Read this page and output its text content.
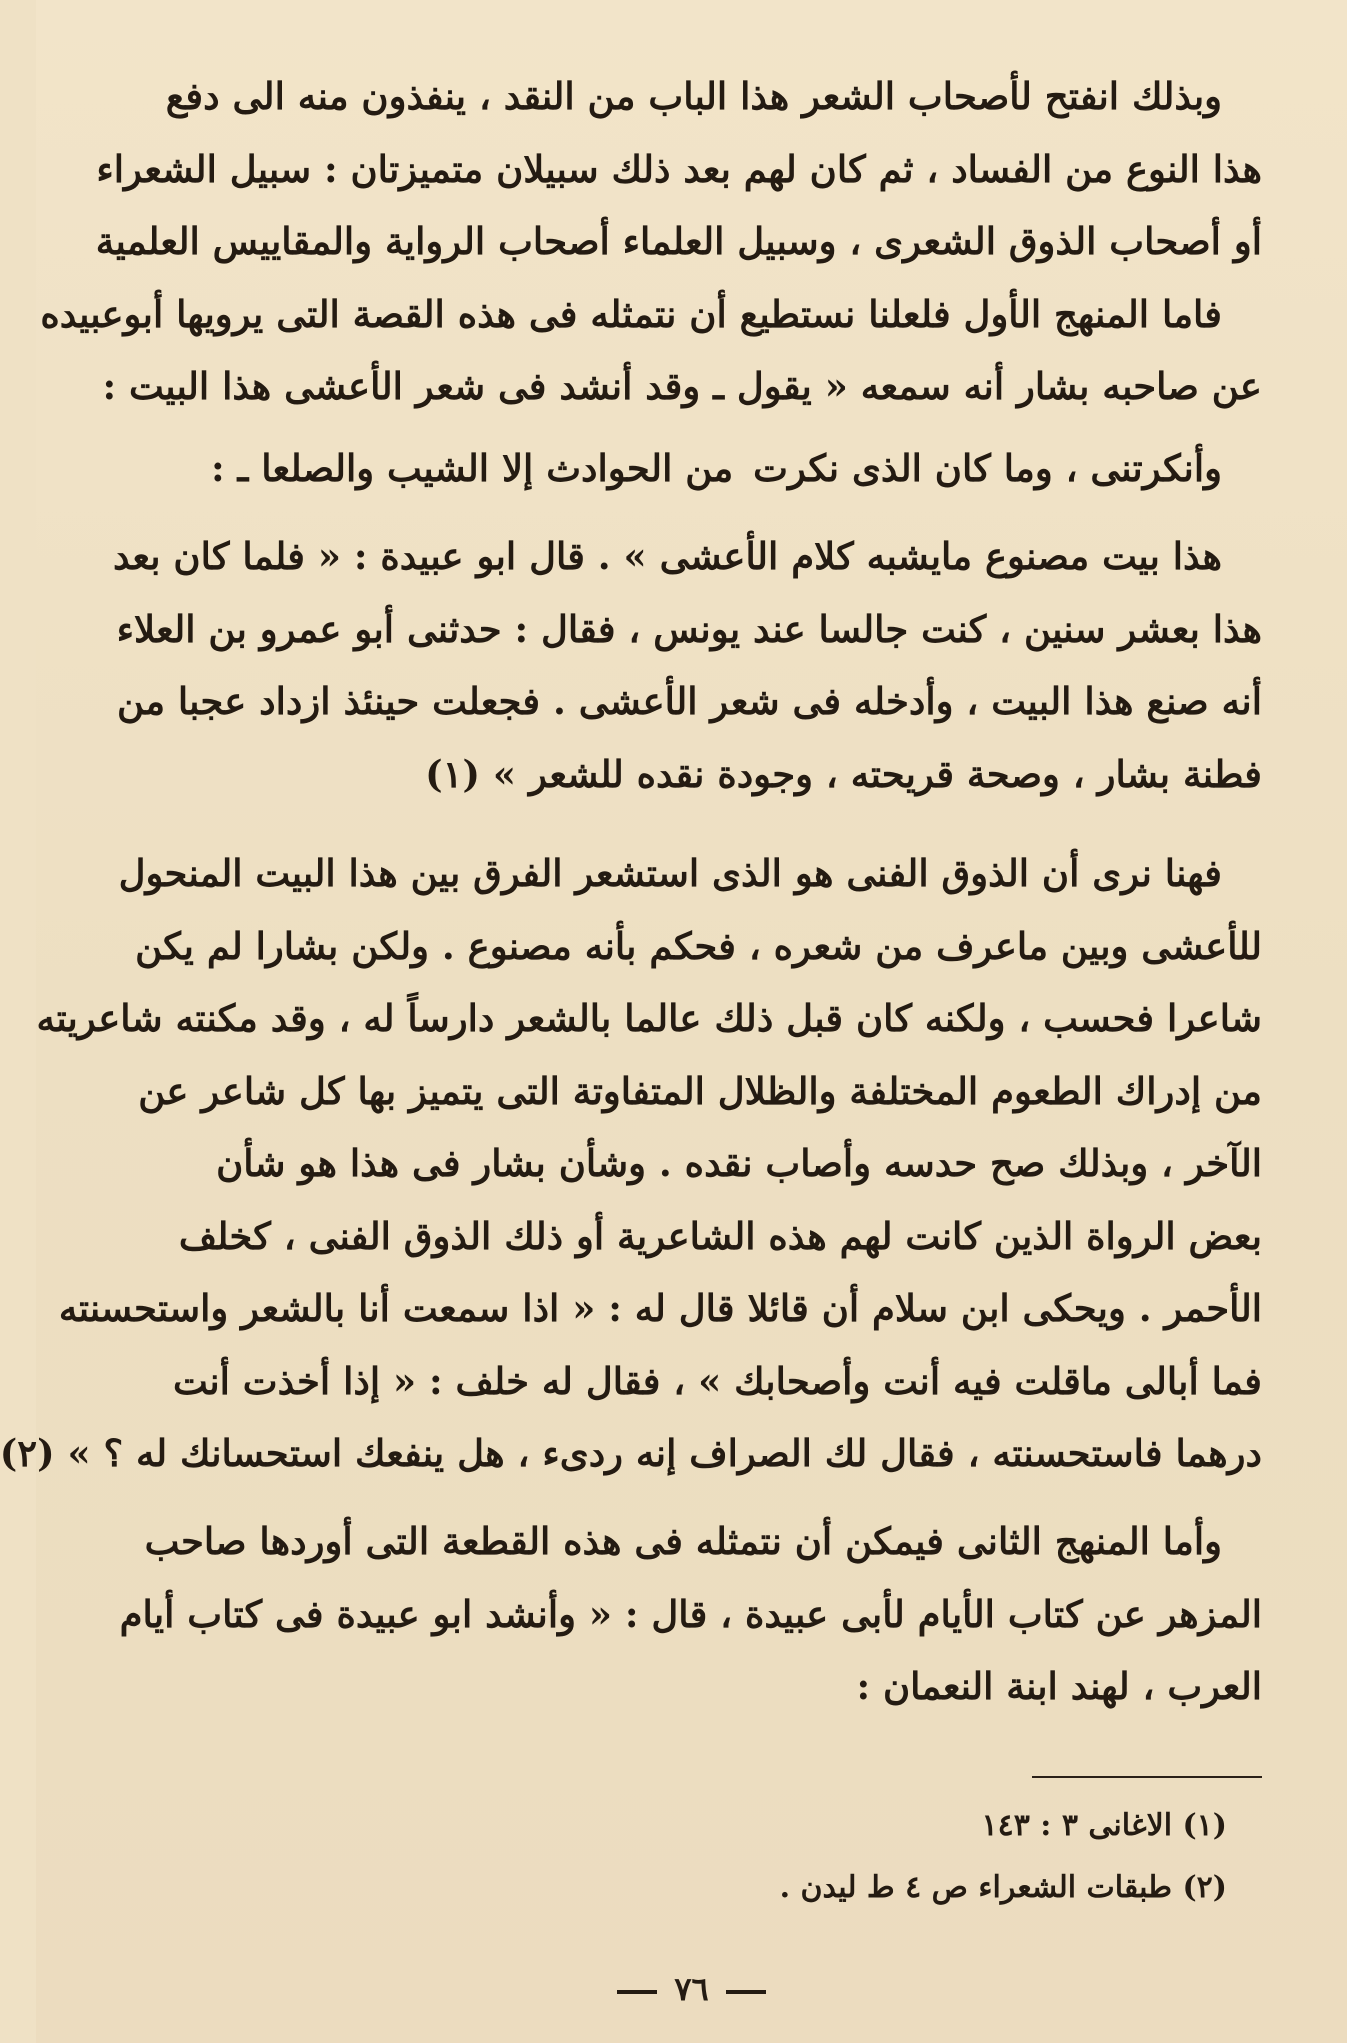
وبذلك انفتح لأصحاب الشعر هذا الباب من النقد ، ينفذون منه الى دفع
هذا النوع من الفساد ، ثم كان لهم بعد ذلك سبيلان متميزتان : سبيل الشعراء
أو أصحاب الذوق الشعرى ، وسبيل العلماء أصحاب الرواية والمقاييس العلمية
فاما المنهج الأول فلعلنا نستطيع أن نتمثله فى هذه القصة التى يرويها أبوعبيده
عن صاحبه بشار أنه سمعه « يقول ـ وقد أنشد فى شعر الأعشى هذا البيت :
وأنكرتنى ، وما كان الذى نكرت
من الحوادث إلا الشيب والصلعا ـ :
هذا بيت مصنوع مايشبه كلام الأعشى » . قال ابو عبيدة : « فلما كان بعد
هذا بعشر سنين ، كنت جالسا عند يونس ، فقال : حدثنى أبو عمرو بن العلاء
أنه صنع هذا البيت ، وأدخله فى شعر الأعشى . فجعلت حينئذ ازداد عجبا من
فطنة بشار ، وصحة قريحته ، وجودة نقده للشعر » (١)
فهنا نرى أن الذوق الفنى هو الذى استشعر الفرق بين هذا البيت المنحول
للأعشى وبين ماعرف من شعره ، فحكم بأنه مصنوع . ولكن بشارا لم يكن
شاعرا فحسب ، ولكنه كان قبل ذلك عالما بالشعر دارساً له ، وقد مكنته شاعريته
من إدراك الطعوم المختلفة والظلال المتفاوتة التى يتميز بها كل شاعر عن
الآخر ، وبذلك صح حدسه وأصاب نقده . وشأن بشار فى هذا هو شأن
بعض الرواة الذين كانت لهم هذه الشاعرية أو ذلك الذوق الفنى ، كخلف
الأحمر . ويحكى ابن سلام أن قائلا قال له : « اذا سمعت أنا بالشعر واستحسنته
فما أبالى ماقلت فيه أنت وأصحابك » ، فقال له خلف : « إذا أخذت أنت
درهما فاستحسنته ، فقال لك الصراف إنه ردىء ، هل ينفعك استحسانك له ؟ » (٢)
وأما المنهج الثانى فيمكن أن نتمثله فى هذه القطعة التى أوردها صاحب
المزهر عن كتاب الأيام لأبى عبيدة ، قال : « وأنشد ابو عبيدة فى كتاب أيام
العرب ، لهند ابنة النعمان :
(١) الاغانى ٣ : ١٤٣
(٢) طبقات الشعراء ص ٤ ط ليدن .
٧٦
